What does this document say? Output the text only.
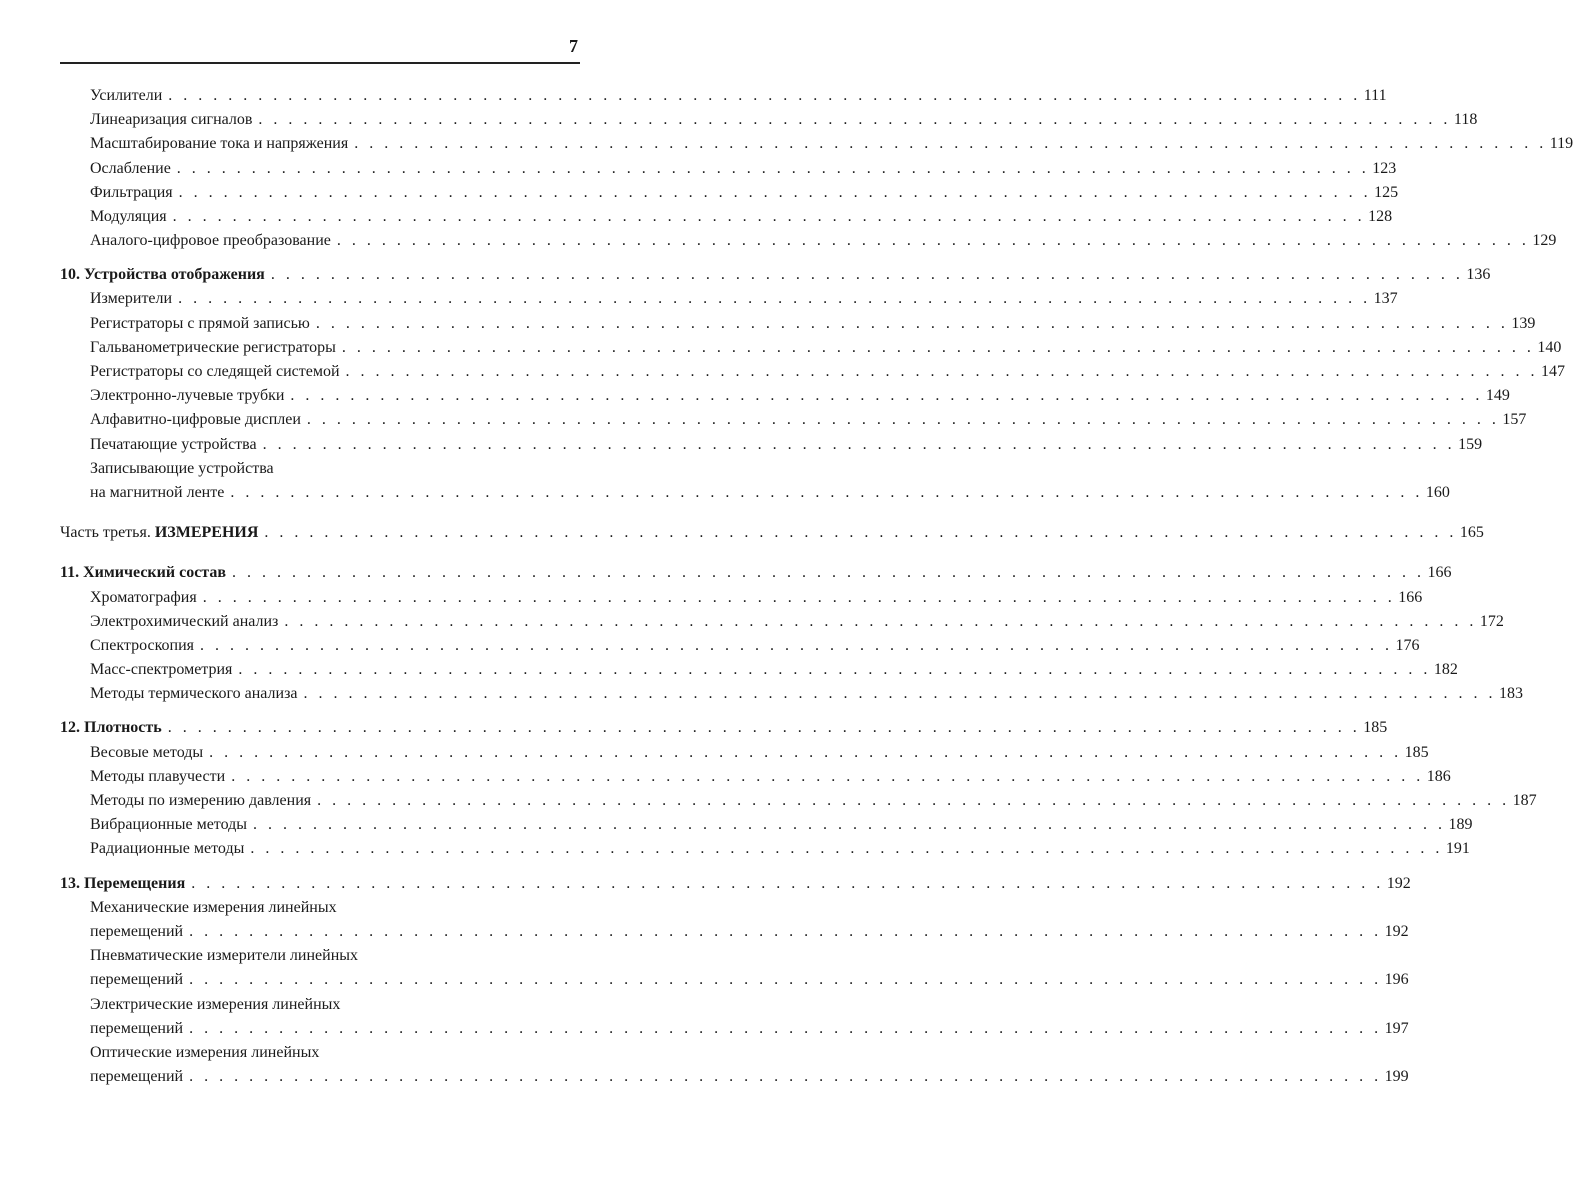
7
Усилители . . . . . . . . . . . . . . . . . . . . . . . . . . . . . . . . . . . . . . . . . . . . . . . . . . . . . . . . . . . . . . . . . . . . . . . . . . . . . . . . 111
Линеаризация сигналов . . . . . . . . . . . . . . . . . . . . . . . . . . . . . . . . . . . . . . . . . . . . . . . . . . . . . . . . . . . . . . . . . . . . . . . . . . . . . . . . 118
Масштабирование тока и напряжения . . . . . . . . . . . . . . . . . . . . . . . . . . . . . . . . . . . . . . . . . . . . . . . . . . . . . . . . . . . . . . . . . . . . . . . . . . . . . . . . 119
Ослабление . . . . . . . . . . . . . . . . . . . . . . . . . . . . . . . . . . . . . . . . . . . . . . . . . . . . . . . . . . . . . . . . . . . . . . . . . . . . . . . . 123
Фильтрация . . . . . . . . . . . . . . . . . . . . . . . . . . . . . . . . . . . . . . . . . . . . . . . . . . . . . . . . . . . . . . . . . . . . . . . . . . . . . . . . 125
Модуляция . . . . . . . . . . . . . . . . . . . . . . . . . . . . . . . . . . . . . . . . . . . . . . . . . . . . . . . . . . . . . . . . . . . . . . . . . . . . . . . . 128
Аналого-цифровое преобразование . . . . . . . . . . . . . . . . . . . . . . . . . . . . . . . . . . . . . . . . . . . . . . . . . . . . . . . . . . . . . . . . . . . . . . . . . . . . . . . . 129
10. Устройства отображения . . . . . . . . . . . . . . . . . . . . . . . . . . . . . . . . . . . . . . . . . . . . . . . . . . . . . . . . . . . . . . . . . . . . . . . . . . . . . . . . 136
Измерители . . . . . . . . . . . . . . . . . . . . . . . . . . . . . . . . . . . . . . . . . . . . . . . . . . . . . . . . . . . . . . . . . . . . . . . . . . . . . . . . 137
Регистраторы с прямой записью . . . . . . . . . . . . . . . . . . . . . . . . . . . . . . . . . . . . . . . . . . . . . . . . . . . . . . . . . . . . . . . . . . . . . . . . . . . . . . . . 139
Гальванометрические регистраторы . . . . . . . . . . . . . . . . . . . . . . . . . . . . . . . . . . . . . . . . . . . . . . . . . . . . . . . . . . . . . . . . . . . . . . . . . . . . . . . . 140
Регистраторы со следящей системой . . . . . . . . . . . . . . . . . . . . . . . . . . . . . . . . . . . . . . . . . . . . . . . . . . . . . . . . . . . . . . . . . . . . . . . . . . . . . . . . 147
Электронно-лучевые трубки . . . . . . . . . . . . . . . . . . . . . . . . . . . . . . . . . . . . . . . . . . . . . . . . . . . . . . . . . . . . . . . . . . . . . . . . . . . . . . . . 149
Алфавитно-цифровые дисплеи . . . . . . . . . . . . . . . . . . . . . . . . . . . . . . . . . . . . . . . . . . . . . . . . . . . . . . . . . . . . . . . . . . . . . . . . . . . . . . . . 157
Печатающие устройства . . . . . . . . . . . . . . . . . . . . . . . . . . . . . . . . . . . . . . . . . . . . . . . . . . . . . . . . . . . . . . . . . . . . . . . . . . . . . . . . 159
Записывающие устройства
на магнитной ленте . . . . . . . . . . . . . . . . . . . . . . . . . . . . . . . . . . . . . . . . . . . . . . . . . . . . . . . . . . . . . . . . . . . . . . . . . . . . . . . . 160
Часть третья. ИЗМЕРЕНИЯ . . . . . . . . . . . . . . . . . . . . . . . . . . . . . . . . . . . . . . . . . . . . . . . . . . . . . . . . . . . . . . . . . . . . . . . . . . . . . . . . 165
11. Химический состав . . . . . . . . . . . . . . . . . . . . . . . . . . . . . . . . . . . . . . . . . . . . . . . . . . . . . . . . . . . . . . . . . . . . . . . . . . . . . . . . 166
Хроматография . . . . . . . . . . . . . . . . . . . . . . . . . . . . . . . . . . . . . . . . . . . . . . . . . . . . . . . . . . . . . . . . . . . . . . . . . . . . . . . . 166
Электрохимический анализ . . . . . . . . . . . . . . . . . . . . . . . . . . . . . . . . . . . . . . . . . . . . . . . . . . . . . . . . . . . . . . . . . . . . . . . . . . . . . . . . 172
Спектроскопия . . . . . . . . . . . . . . . . . . . . . . . . . . . . . . . . . . . . . . . . . . . . . . . . . . . . . . . . . . . . . . . . . . . . . . . . . . . . . . . . 176
Масс-спектрометрия . . . . . . . . . . . . . . . . . . . . . . . . . . . . . . . . . . . . . . . . . . . . . . . . . . . . . . . . . . . . . . . . . . . . . . . . . . . . . . . . 182
Методы термического анализа . . . . . . . . . . . . . . . . . . . . . . . . . . . . . . . . . . . . . . . . . . . . . . . . . . . . . . . . . . . . . . . . . . . . . . . . . . . . . . . . 183
12. Плотность . . . . . . . . . . . . . . . . . . . . . . . . . . . . . . . . . . . . . . . . . . . . . . . . . . . . . . . . . . . . . . . . . . . . . . . . . . . . . . . . 185
Весовые методы . . . . . . . . . . . . . . . . . . . . . . . . . . . . . . . . . . . . . . . . . . . . . . . . . . . . . . . . . . . . . . . . . . . . . . . . . . . . . . . . 185
Методы плавучести . . . . . . . . . . . . . . . . . . . . . . . . . . . . . . . . . . . . . . . . . . . . . . . . . . . . . . . . . . . . . . . . . . . . . . . . . . . . . . . . 186
Методы по измерению давления . . . . . . . . . . . . . . . . . . . . . . . . . . . . . . . . . . . . . . . . . . . . . . . . . . . . . . . . . . . . . . . . . . . . . . . . . . . . . . . . 187
Вибрационные методы . . . . . . . . . . . . . . . . . . . . . . . . . . . . . . . . . . . . . . . . . . . . . . . . . . . . . . . . . . . . . . . . . . . . . . . . . . . . . . . . 189
Радиационные методы . . . . . . . . . . . . . . . . . . . . . . . . . . . . . . . . . . . . . . . . . . . . . . . . . . . . . . . . . . . . . . . . . . . . . . . . . . . . . . . . 191
13. Перемещения . . . . . . . . . . . . . . . . . . . . . . . . . . . . . . . . . . . . . . . . . . . . . . . . . . . . . . . . . . . . . . . . . . . . . . . . . . . . . . . . 192
Механические измерения линейных
перемещений . . . . . . . . . . . . . . . . . . . . . . . . . . . . . . . . . . . . . . . . . . . . . . . . . . . . . . . . . . . . . . . . . . . . . . . . . . . . . . . . 192
Пневматические измерители линейных
перемещений . . . . . . . . . . . . . . . . . . . . . . . . . . . . . . . . . . . . . . . . . . . . . . . . . . . . . . . . . . . . . . . . . . . . . . . . . . . . . . . . 196
Электрические измерения линейных
перемещений . . . . . . . . . . . . . . . . . . . . . . . . . . . . . . . . . . . . . . . . . . . . . . . . . . . . . . . . . . . . . . . . . . . . . . . . . . . . . . . . 197
Оптические измерения линейных
перемещений . . . . . . . . . . . . . . . . . . . . . . . . . . . . . . . . . . . . . . . . . . . . . . . . . . . . . . . . . . . . . . . . . . . . . . . . . . . . . . . . 199
